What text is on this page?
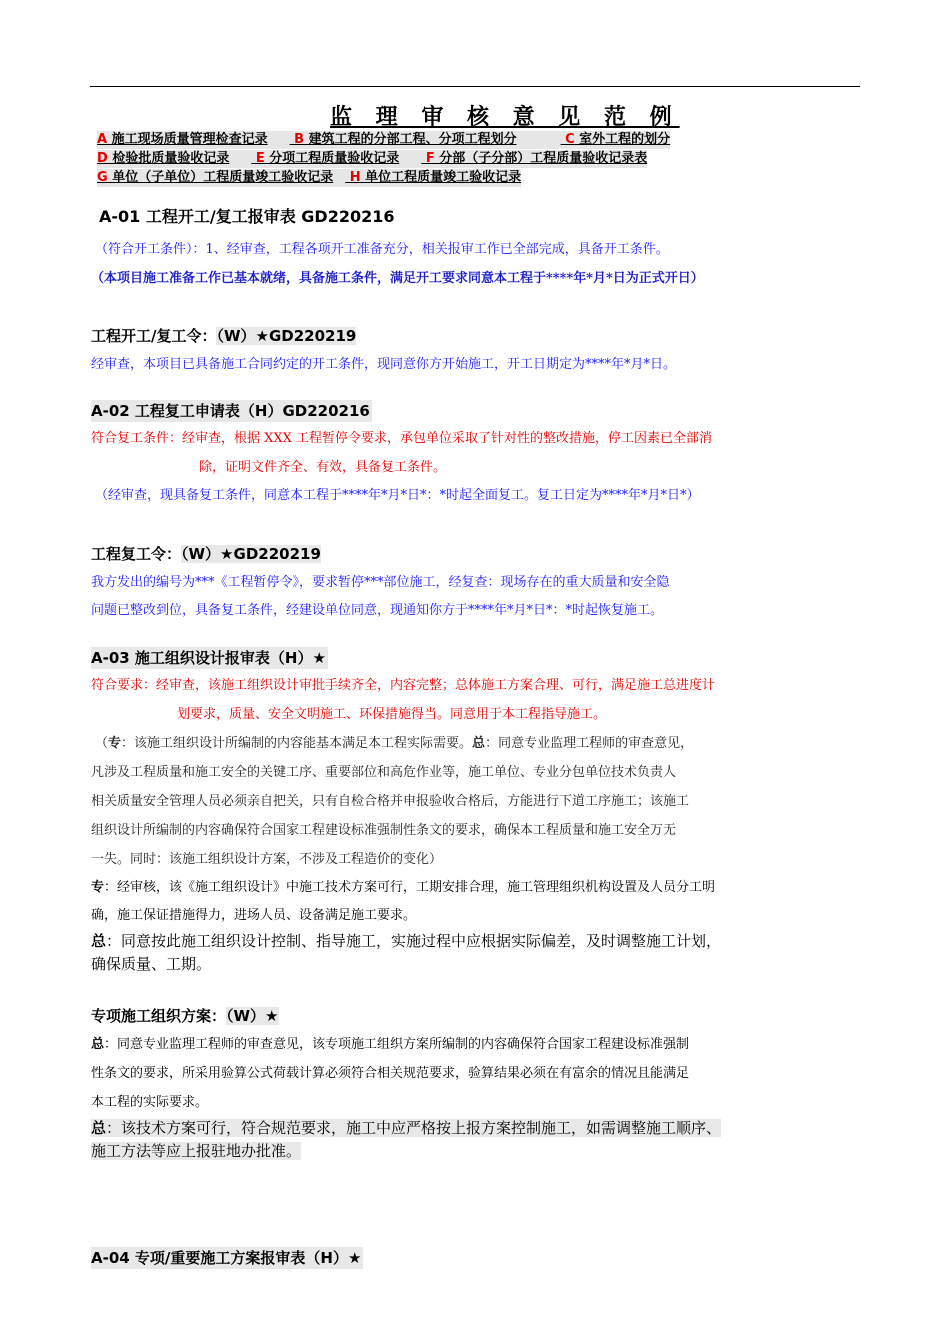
监 理 审 核 意 见 范 例
A 施工现场质量管理检查记录 B 建筑工程的分部工程、分项工程划分	C 室外工程的划分
D 检验批质量验收记录 E 分项工程质量验收记录 F 分部（子分部）工程质量验收记录表
G 单位（子单位）工程质量竣工验收记录 H 单位工程质量竣工验收记录
A-01 工程开工/复工报审表 GD220216
（符合开工条件）：1、经审查，工程各项开工准备充分，相关报审工作已全部完成，具备开工条件。
（本项目施工准备工作已基本就绪，具备施工条件，满足开工要求同意本工程于****年*月*日为正式开日）
工程开工/复工令：（W）★GD220219
经审查，本项目已具备施工合同约定的开工条件，现同意你方开始施工，开工日期定为****年*月*日。
A-02 工程复工申请表（H）GD220216
符合复工条件：经审查，根据 XXX 工程暂停令要求，承包单位采取了针对性的整改措施，停工因素已全部消
除，证明文件齐全、有效，具备复工条件。
（经审查，现具备复工条件，同意本工程于****年*月*日*：*时起全面复工。复工日定为****年*月*日*）
工程复工令：（W）★GD220219
我方发出的编号为***《工程暂停令》，要求暂停***部位施工，经复查：现场存在的重大质量和安全隐
问题已整改到位，具备复工条件，经建设单位同意，现通知你方于****年*月*日*：*时起恢复施工。
A-03 施工组织设计报审表（H）★
符合要求：经审查，该施工组织设计审批手续齐全，内容完整；总体施工方案合理、可行，满足施工总进度计
划要求，质量、安全文明施工、环保措施得当。同意用于本工程指导施工。
（专：该施工组织设计所编制的内容能基本满足本工程实际需要。总：同意专业监理工程师的审查意见，
凡涉及工程质量和施工安全的关键工序、重要部位和高危作业等，施工单位、专业分包单位技术负责人
相关质量安全管理人员必须亲自把关，只有自检合格并申报验收合格后，方能进行下道工序施工；该施工
组织设计所编制的内容确保符合国家工程建设标准强制性条文的要求，确保本工程质量和施工安全万无
一失。同时：该施工组织设计方案，不涉及工程造价的变化）
专：经审核，该《施工组织设计》中施工技术方案可行，工期安排合理，施工管理组织机构设置及人员分工明
确，施工保证措施得力，进场人员、设备满足施工要求。
总：同意按此施工组织设计控制、指导施工，实施过程中应根据实际偏差，及时调整施工计划，
确保质量、工期。
专项施工组织方案：（W）★
总：同意专业监理工程师的审查意见，该专项施工组织方案所编制的内容确保符合国家工程建设标准强制
性条文的要求，所采用验算公式荷载计算必须符合相关规范要求，验算结果必须在有富余的情况且能满足
本工程的实际要求。
总：该技术方案可行，符合规范要求，施工中应严格按上报方案控制施工，如需调整施工顺序、
施工方法等应上报驻地办批准。
A-04 专项/重要施工方案报审表（H）★
